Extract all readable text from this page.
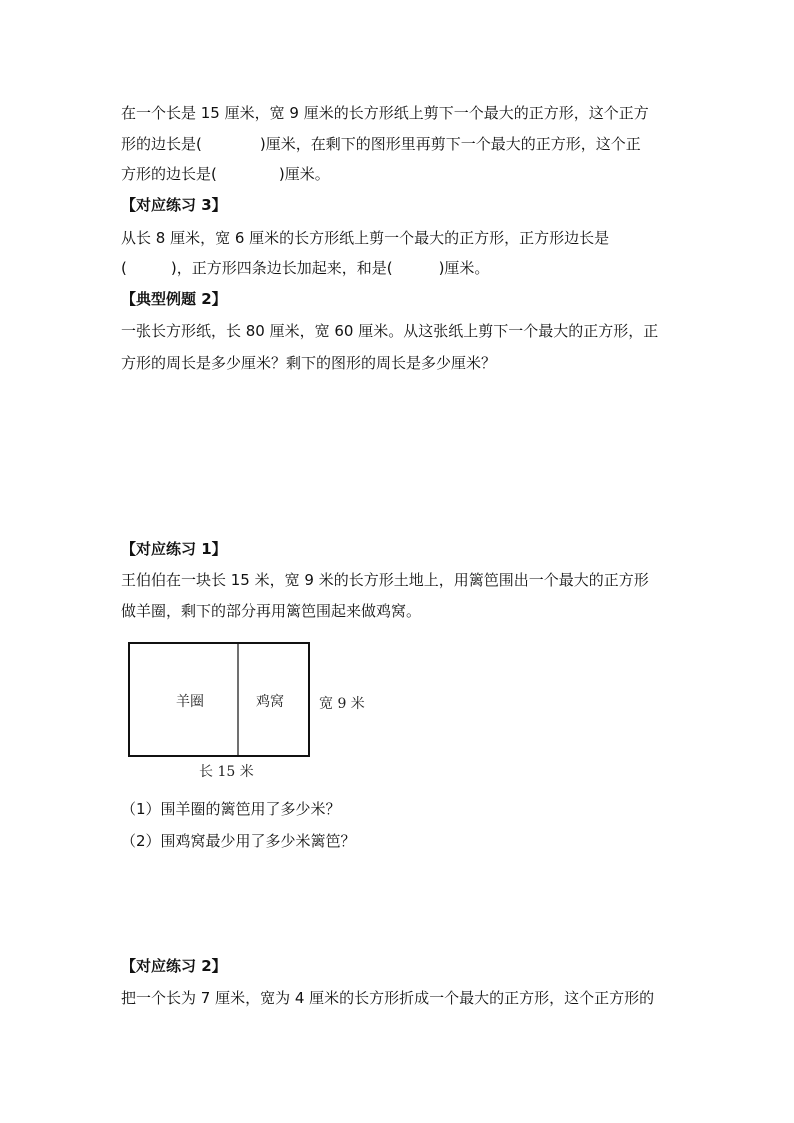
在一个长是 15 厘米，宽 9 厘米的长方形纸上剪下一个最大的正方形，这个正方
形的边长是(	)厘米，在剩下的图形里再剪下一个最大的正方形，这个正
方形的边长是(	)厘米。
【对应练习 3】
从长 8 厘米，宽 6 厘米的长方形纸上剪一个最大的正方形，正方形边长是
(	)，正方形四条边长加起来，和是(	)厘米。
【典型例题 2】
一张长方形纸，长 80 厘米，宽 60 厘米。从这张纸上剪下一个最大的正方形，正
方形的周长是多少厘米？剩下的图形的周长是多少厘米？
【对应练习 1】
王伯伯在一块长 15 米，宽 9 米的长方形土地上，用篱笆围出一个最大的正方形
做羊圈，剩下的部分再用篱笆围起来做鸡窝。
羊圈	鸡窝	宽 9 米
长 15 米
（1）围羊圈的篱笆用了多少米？
（2）围鸡窝最少用了多少米篱笆？
【对应练习 2】
把一个长为 7 厘米，宽为 4 厘米的长方形折成一个最大的正方形，这个正方形的
